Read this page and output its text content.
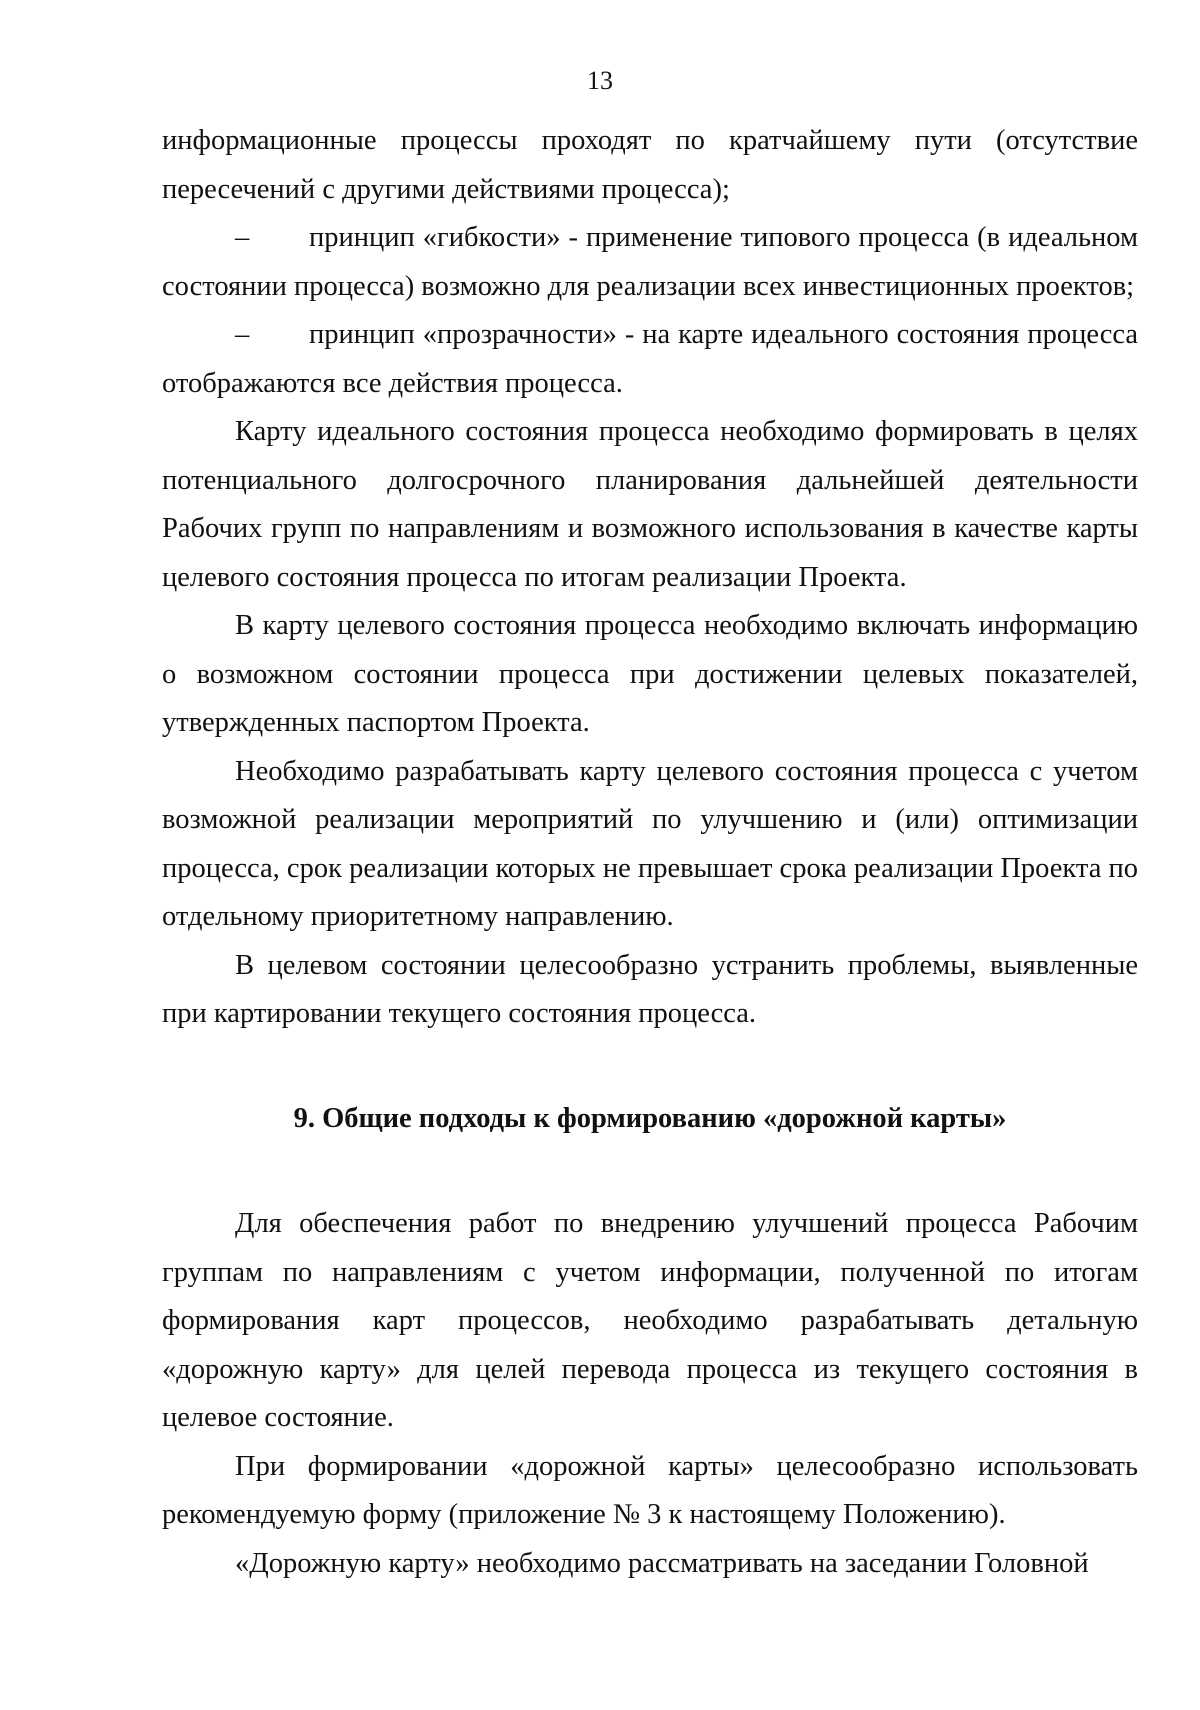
13

информационные процессы проходят по кратчайшему пути (отсутствие пересечений с другими действиями процесса);

– принцип «гибкости» - применение типового процесса (в идеальном состоянии процесса) возможно для реализации всех инвестиционных проектов;

– принцип «прозрачности» - на карте идеального состояния процесса отображаются все действия процесса.

Карту идеального состояния процесса необходимо формировать в целях потенциального долгосрочного планирования дальнейшей деятельности Рабочих групп по направлениям и возможного использования в качестве карты целевого состояния процесса по итогам реализации Проекта.

В карту целевого состояния процесса необходимо включать информацию о возможном состоянии процесса при достижении целевых показателей, утвержденных паспортом Проекта.

Необходимо разрабатывать карту целевого состояния процесса с учетом возможной реализации мероприятий по улучшению и (или) оптимизации процесса, срок реализации которых не превышает срока реализации Проекта по отдельному приоритетному направлению.

В целевом состоянии целесообразно устранить проблемы, выявленные при картировании текущего состояния процесса.

9. Общие подходы к формированию «дорожной карты»

Для обеспечения работ по внедрению улучшений процесса Рабочим группам по направлениям с учетом информации, полученной по итогам формирования карт процессов, необходимо разрабатывать детальную «дорожную карту» для целей перевода процесса из текущего состояния в целевое состояние.

При формировании «дорожной карты» целесообразно использовать рекомендуемую форму (приложение № 3 к настоящему Положению).

«Дорожную карту» необходимо рассматривать на заседании Головной
